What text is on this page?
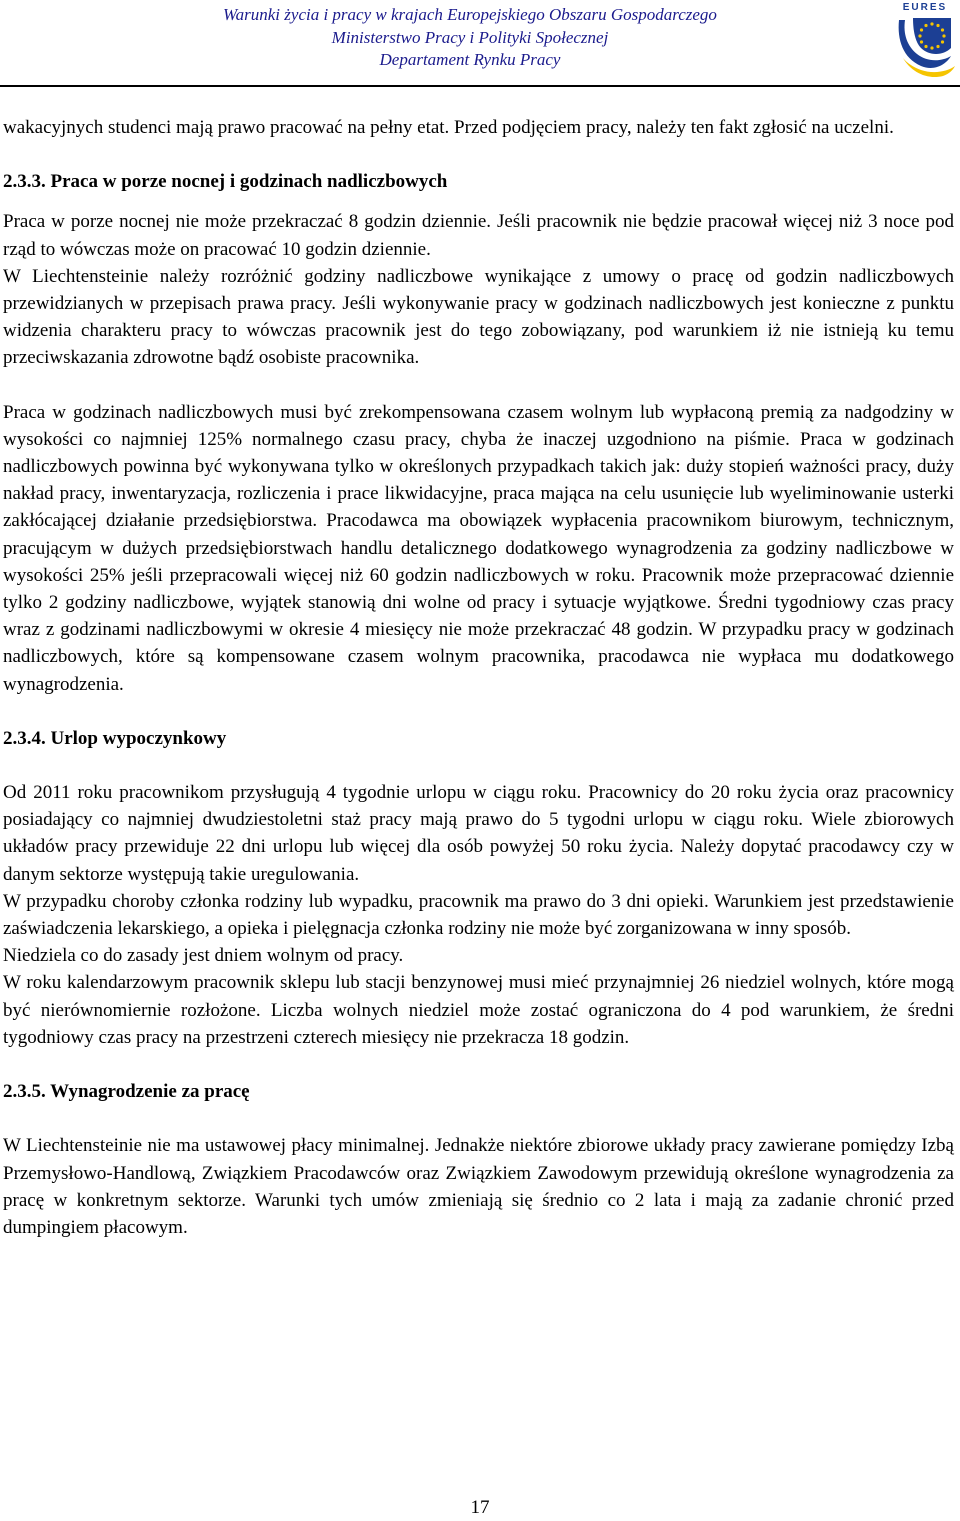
Warunki życia i pracy w krajach Europejskiego Obszaru Gospodarczego
Ministerstwo Pracy i Polityki Społecznej
Departament Rynku Pracy
EURES

wakacyjnych studenci mają prawo pracować na pełny etat. Przed podjęciem pracy, należy ten fakt zgłosić na uczelni.

2.3.3. Praca w porze nocnej i godzinach nadliczbowych

Praca w porze nocnej nie może przekraczać 8 godzin dziennie. Jeśli pracownik nie będzie pracował więcej niż 3 noce pod rząd to wówczas może on pracować 10 godzin dziennie.

W Liechtensteinie należy rozróżnić godziny nadliczbowe wynikające z umowy o pracę od godzin nadliczbowych przewidzianych w przepisach prawa pracy. Jeśli wykonywanie pracy w godzinach nadliczbowych jest konieczne z punktu widzenia charakteru pracy to wówczas pracownik jest do tego zobowiązany, pod warunkiem iż nie istnieją ku temu przeciwskazania zdrowotne bądź osobiste pracownika.

Praca w godzinach nadliczbowych musi być zrekompensowana czasem wolnym lub wypłaconą premią za nadgodziny w wysokości co najmniej 125% normalnego czasu pracy, chyba że inaczej uzgodniono na piśmie. Praca w godzinach nadliczbowych powinna być wykonywana tylko w określonych przypadkach takich jak: duży stopień ważności pracy, duży nakład pracy, inwentaryzacja, rozliczenia i prace likwidacyjne, praca mająca na celu usunięcie lub wyeliminowanie usterki zakłócającej działanie przedsiębiorstwa. Pracodawca ma obowiązek wypłacenia pracownikom biurowym, technicznym, pracującym w dużych przedsiębiorstwach handlu detalicznego dodatkowego wynagrodzenia za godziny nadliczbowe w wysokości 25% jeśli przepracowali więcej niż 60 godzin nadliczbowych w roku. Pracownik może przepracować dziennie tylko 2 godziny nadliczbowe, wyjątek stanowią dni wolne od pracy i sytuacje wyjątkowe. Średni tygodniowy czas pracy wraz z godzinami nadliczbowymi w okresie 4 miesięcy nie może przekraczać 48 godzin. W przypadku pracy w godzinach nadliczbowych, które są kompensowane czasem wolnym pracownika, pracodawca nie wypłaca mu dodatkowego wynagrodzenia.

2.3.4. Urlop wypoczynkowy

Od 2011 roku pracownikom przysługują 4 tygodnie urlopu w ciągu roku. Pracownicy do 20 roku życia oraz pracownicy posiadający co najmniej dwudziestoletni staż pracy mają prawo do 5 tygodni urlopu w ciągu roku. Wiele zbiorowych układów pracy przewiduje 22 dni urlopu lub więcej dla osób powyżej 50 roku życia. Należy dopytać pracodawcy czy w danym sektorze występują takie uregulowania.

W przypadku choroby członka rodziny lub wypadku, pracownik ma prawo do 3 dni opieki. Warunkiem jest przedstawienie zaświadczenia lekarskiego, a opieka i pielęgnacja członka rodziny nie może być zorganizowana w inny sposób.

Niedziela co do zasady jest dniem wolnym od pracy.

W roku kalendarzowym pracownik sklepu lub stacji benzynowej musi mieć przynajmniej 26 niedziel wolnych, które mogą być nierównomiernie rozłożone. Liczba wolnych niedziel może zostać ograniczona do 4 pod warunkiem, że średni tygodniowy czas pracy na przestrzeni czterech miesięcy nie przekracza 18 godzin.

2.3.5. Wynagrodzenie za pracę

W Liechtensteinie nie ma ustawowej płacy minimalnej. Jednakże niektóre zbiorowe układy pracy zawierane pomiędzy Izbą Przemysłowo-Handlową, Związkiem Pracodawców oraz Związkiem Zawodowym przewidują określone wynagrodzenia za pracę w konkretnym sektorze. Warunki tych umów zmieniają się średnio co 2 lata i mają za zadanie chronić przed dumpingiem płacowym.

17
